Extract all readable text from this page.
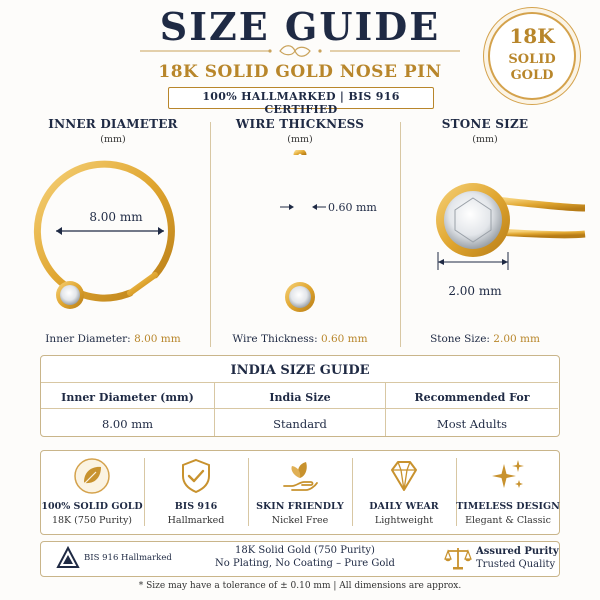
SIZE GUIDE
18K SOLID GOLD NOSE PIN
100% HALLMARKED | BIS 916 CERTIFIED
18K
SOLID
GOLD
INNER DIAMETER
(mm)
8.00 mm
Inner Diameter: 8.00 mm
WIRE THICKNESS
(mm)
0.60 mm
Wire Thickness: 0.60 mm
STONE SIZE
(mm)
2.00 mm
Stone Size: 2.00 mm
INDIA SIZE GUIDE
Inner Diameter (mm)	India Size	Recommended For
8.00 mm	Standard	Most Adults
100% SOLID GOLD
18K (750 Purity)
BIS 916
Hallmarked
SKIN FRIENDLY
Nickel Free
DAILY WEAR
Lightweight
TIMELESS DESIGN
Elegant & Classic
BIS 916 Hallmarked
18K Solid Gold (750 Purity)
No Plating, No Coating – Pure Gold
Assured Purity
Trusted Quality
* Size may have a tolerance of ± 0.10 mm | All dimensions are approx.
